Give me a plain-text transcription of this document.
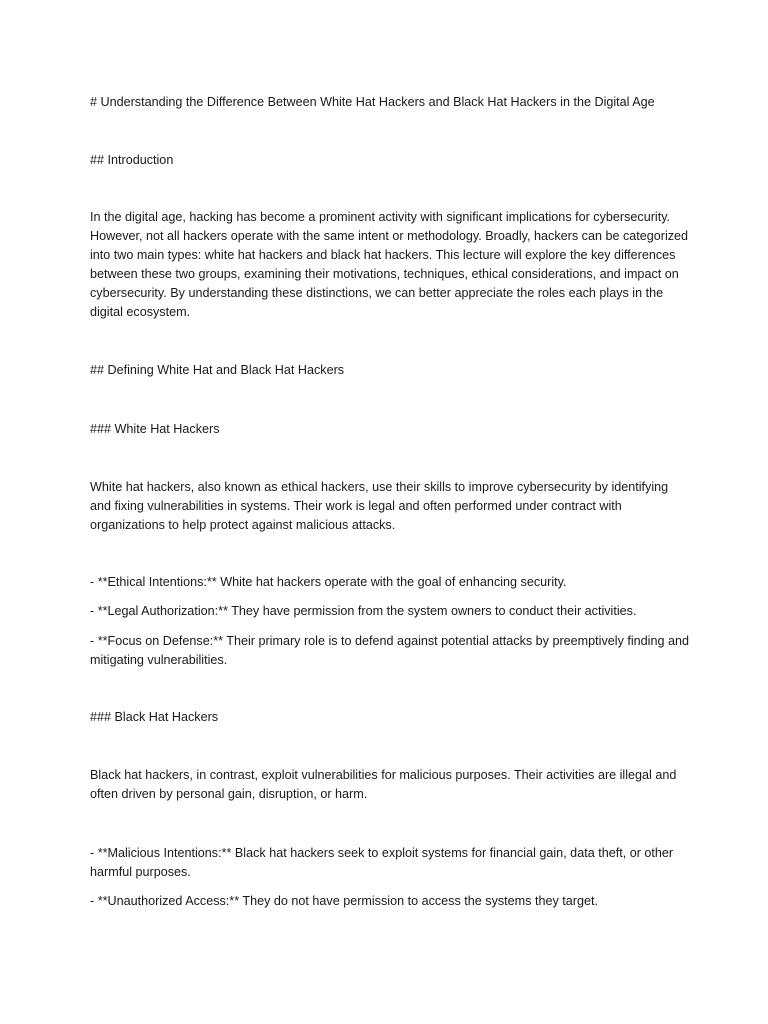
# Understanding the Difference Between White Hat Hackers and Black Hat Hackers in the Digital Age

## Introduction

In the digital age, hacking has become a prominent activity with significant implications for cybersecurity. However, not all hackers operate with the same intent or methodology. Broadly, hackers can be categorized into two main types: white hat hackers and black hat hackers. This lecture will explore the key differences between these two groups, examining their motivations, techniques, ethical considerations, and impact on cybersecurity. By understanding these distinctions, we can better appreciate the roles each plays in the digital ecosystem.

## Defining White Hat and Black Hat Hackers

### White Hat Hackers

White hat hackers, also known as ethical hackers, use their skills to improve cybersecurity by identifying and fixing vulnerabilities in systems. Their work is legal and often performed under contract with organizations to help protect against malicious attacks.

- **Ethical Intentions:** White hat hackers operate with the goal of enhancing security.

- **Legal Authorization:** They have permission from the system owners to conduct their activities.

- **Focus on Defense:** Their primary role is to defend against potential attacks by preemptively finding and mitigating vulnerabilities.

### Black Hat Hackers

Black hat hackers, in contrast, exploit vulnerabilities for malicious purposes. Their activities are illegal and often driven by personal gain, disruption, or harm.

- **Malicious Intentions:** Black hat hackers seek to exploit systems for financial gain, data theft, or other harmful purposes.

- **Unauthorized Access:** They do not have permission to access the systems they target.
